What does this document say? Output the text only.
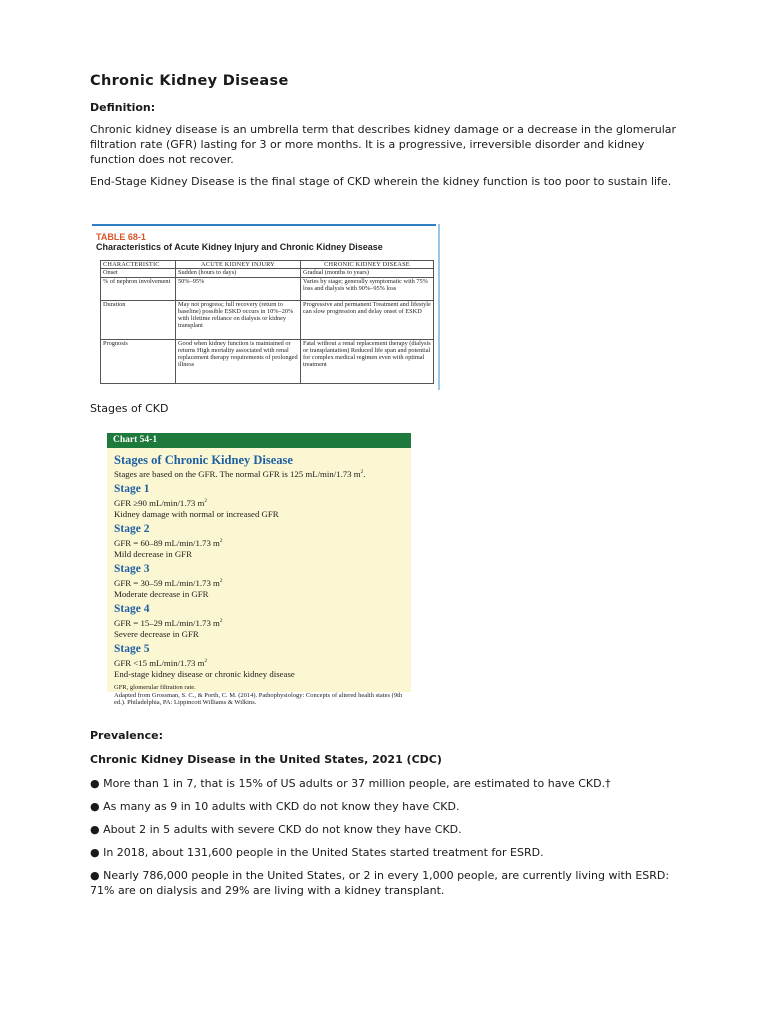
Chronic Kidney Disease
Definition:
Chronic kidney disease is an umbrella term that describes kidney damage or a decrease in the glomerular filtration rate (GFR) lasting for 3 or more months. It is a progressive, irreversible disorder and kidney function does not recover.
End-Stage Kidney Disease is the final stage of CKD wherein the kidney function is too poor to sustain life.
TABLE 68-1
Characteristics of Acute Kidney Injury and Chronic Kidney Disease
CHARACTERISTIC	ACUTE KIDNEY INJURY	CHRONIC KIDNEY DISEASE
Onset	Sudden (hours to days)	Gradual (months to years)
% of nephron involvement	50%–95%	Varies by stage; generally symptomatic with 75% loss and dialysis with 90%–95% loss
Duration	May not progress; full recovery (return to baseline) possible ESKD occurs in 10%–20% with lifetime reliance on dialysis or kidney transplant	Progressive and permanent Treatment and lifestyle can slow progression and delay onset of ESKD
Prognosis	Good when kidney function is maintained or returns High mortality associated with renal replacement therapy requirements of prolonged illness	Fatal without a renal replacement therapy (dialysis or transplantation) Reduced life span and potential for complex medical regimen even with optimal treatment
Stages of CKD
Chart 54-1
Stages of Chronic Kidney Disease
Stages are based on the GFR. The normal GFR is 125 mL/min/1.73 $m^2$.
Stage 1
GFR ≥90 mL/min/1.73 $m^2$
Kidney damage with normal or increased GFR
Stage 2
GFR = 60–89 mL/min/1.73 $m^2$
Mild decrease in GFR
Stage 3
GFR = 30–59 mL/min/1.73 $m^2$
Moderate decrease in GFR
Stage 4
GFR = 15–29 mL/min/1.73 $m^2$
Severe decrease in GFR
Stage 5
GFR <15 mL/min/1.73 $m^2$
End-stage kidney disease or chronic kidney disease
GFR, glomerular filtration rate.
Adapted from Grossman, S. C., & Porth, C. M. (2014). Pathophysiology: Concepts of altered health states (9th ed.). Philadelphia, PA: Lippincott Williams & Wilkins.
Prevalence:
Chronic Kidney Disease in the United States, 2021 (CDC)
● More than 1 in 7, that is 15% of US adults or 37 million people, are estimated to have CKD.†
● As many as 9 in 10 adults with CKD do not know they have CKD.
● About 2 in 5 adults with severe CKD do not know they have CKD.
● In 2018, about 131,600 people in the United States started treatment for ESRD.
● Nearly 786,000 people in the United States, or 2 in every 1,000 people, are currently living with ESRD: 71% are on dialysis and 29% are living with a kidney transplant.
